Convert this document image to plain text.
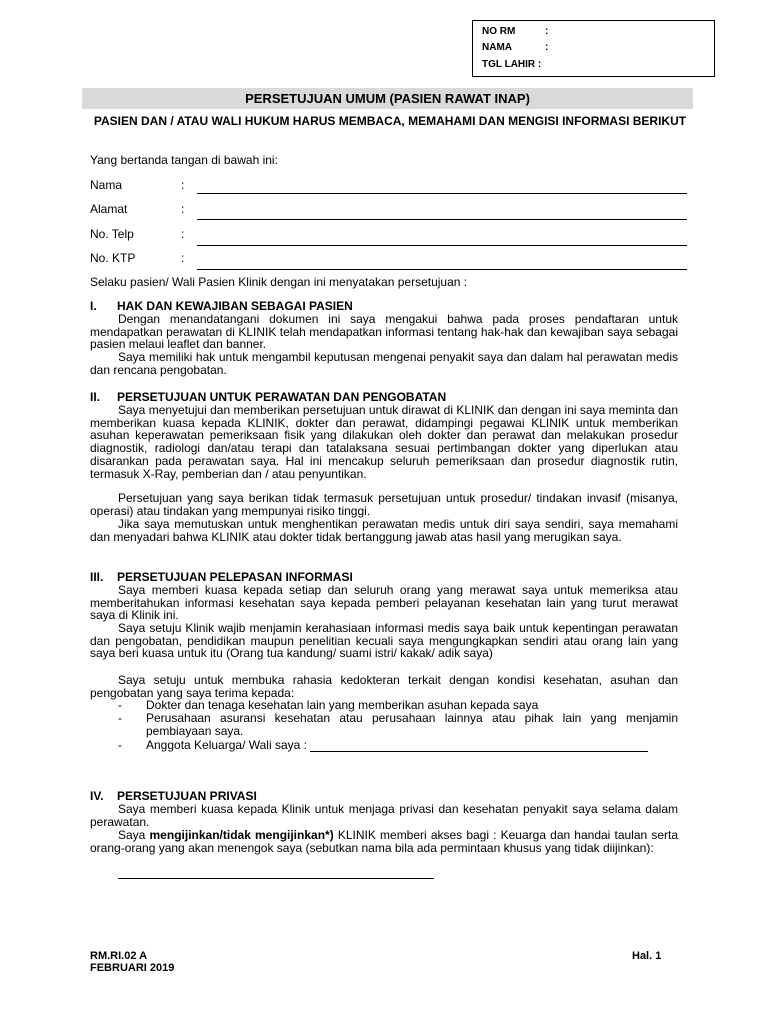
NO RM	:
NAMA	:
TGL LAHIR :
PERSETUJUAN UMUM (PASIEN RAWAT INAP)
PASIEN DAN / ATAU WALI HUKUM HARUS MEMBACA, MEMAHAMI DAN MENGISI INFORMASI BERIKUT
Yang bertanda tangan di bawah ini:
Nama	:
Alamat	:
No. Telp	:
No. KTP	:
Selaku pasien/ Wali Pasien Klinik dengan ini menyatakan persetujuan :
I. HAK DAN KEWAJIBAN SEBAGAI PASIEN
Dengan menandatangani dokumen ini saya mengakui bahwa pada proses pendaftaran untuk mendapatkan perawatan di KLINIK telah mendapatkan informasi tentang hak-hak dan kewajiban saya sebagai pasien melaui leaflet dan banner.
Saya memiliki hak untuk mengambil keputusan mengenai penyakit saya dan dalam hal perawatan medis dan rencana pengobatan.
II. PERSETUJUAN UNTUK PERAWATAN DAN PENGOBATAN
Saya menyetujui dan memberikan persetujuan untuk dirawat di KLINIK dan dengan ini saya meminta dan memberikan kuasa kepada KLINIK, dokter dan perawat, didampingi pegawai KLINIK untuk memberikan asuhan keperawatan pemeriksaan fisik yang dilakukan oleh dokter dan perawat dan melakukan prosedur diagnostik, radiologi dan/atau terapi dan tatalaksana sesuai pertimbangan dokter yang diperlukan atau disarankan pada perawatan saya. Hal ini mencakup seluruh pemeriksaan dan prosedur diagnostik rutin, termasuk X-Ray, pemberian dan / atau penyuntikan.
Persetujuan yang saya berikan tidak termasuk persetujuan untuk prosedur/ tindakan invasif (misanya, operasi) atau tindakan yang mempunyai risiko tinggi.
Jika saya memutuskan untuk menghentikan perawatan medis untuk diri saya sendiri, saya memahami dan menyadari bahwa KLINIK atau dokter tidak bertanggung jawab atas hasil yang merugikan saya.
III. PERSETUJUAN PELEPASAN INFORMASI
Saya memberi kuasa kepada setiap dan seluruh orang yang merawat saya untuk memeriksa atau memberitahukan informasi kesehatan saya kepada pemberi pelayanan kesehatan lain yang turut merawat saya di Klinik ini.
Saya setuju Klinik wajib menjamin kerahasiaan informasi medis saya baik untuk kepentingan perawatan dan pengobatan, pendidikan maupun penelitian kecuali saya mengungkapkan sendiri atau orang lain yang saya beri kuasa untuk itu (Orang tua kandung/ suami istri/ kakak/ adik saya)
Saya setuju untuk membuka rahasia kedokteran terkait dengan kondisi kesehatan, asuhan dan pengobatan yang saya terima kepada:
- Dokter dan tenaga kesehatan lain yang memberikan asuhan kepada saya
-	Perusahaan asuransi kesehatan atau perusahaan lainnya atau pihak lain yang menjamin pembiayaan saya.
- Anggota Keluarga/ Wali saya :
IV. PERSETUJUAN PRIVASI
Saya memberi kuasa kepada Klinik untuk menjaga privasi dan kesehatan penyakit saya selama dalam perawatan.
Saya mengijinkan/tidak mengijinkan*) KLINIK memberi akses bagi : Keuarga dan handai taulan serta orang-orang yang akan menengok saya (sebutkan nama bila ada permintaan khusus yang tidak diijinkan):
RM.RI.02 A
FEBRUARI 2019
Hal. 1
